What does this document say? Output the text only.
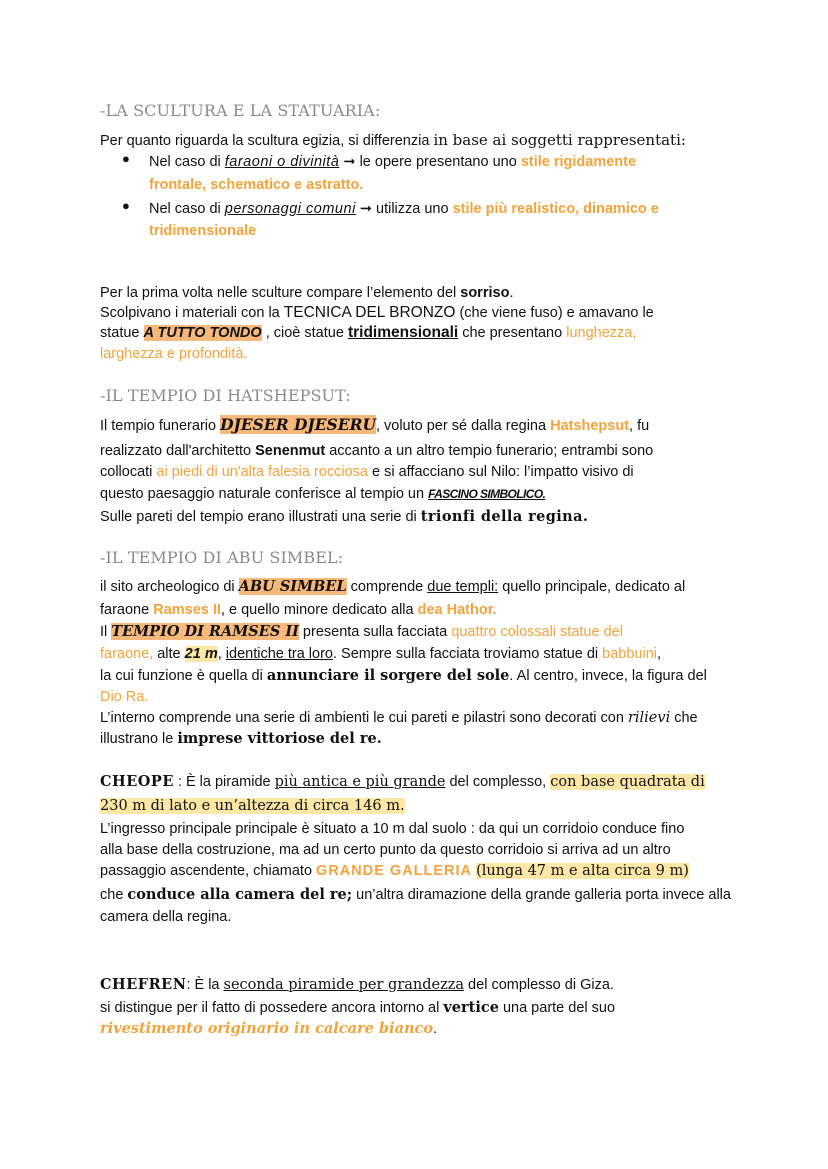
-LA SCULTURA E LA STATUARIA:
Per quanto riguarda la scultura egizia, si differenzia in base ai soggetti rappresentati:
● Nel caso di faraoni o divinità ➞ le opere presentano uno stile rigidamente
frontale, schematico e astratto.
● Nel caso di personaggi comuni ➞ utilizza uno stile più realistico, dinamico e
tridimensionale
Per la prima volta nelle sculture compare l’elemento del sorriso.
Scolpivano i materiali con la TECNICA DEL BRONZO (che viene fuso) e amavano le
statue A TUTTO TONDO , cioè statue tridimensionali che presentano lunghezza,
larghezza e profondità.
-IL TEMPIO DI HATSHEPSUT:
Il tempio funerario DJESER DJESERU, voluto per sé dalla regina Hatshepsut, fu
realizzato dall'architetto Senenmut accanto a un altro tempio funerario; entrambi sono
collocati ai piedi di un'alta falesia rocciosa e si affacciano sul Nilo: l’impatto visivo di
questo paesaggio naturale conferisce al tempio un FASCINO SIMBOLICO.
Sulle pareti del tempio erano illustrati una serie di trionfi della regina.
-IL TEMPIO DI ABU SIMBEL:
il sito archeologico di ABU SIMBEL comprende due templi: quello principale, dedicato al
faraone Ramses II, e quello minore dedicato alla dea Hathor.
Il TEMPIO DI RAMSES II presenta sulla facciata quattro colossali statue del
faraone, alte 21 m, identiche tra loro. Sempre sulla facciata troviamo statue di babbuini,
la cui funzione è quella di annunciare il sorgere del sole. Al centro, invece, la figura del
Dio Ra.
L’interno comprende una serie di ambienti le cui pareti e pilastri sono decorati con rilievi che
illustrano le imprese vittoriose del re.
CHEOPE : È la piramide più antica e più grande del complesso, con base quadrata di
230 m di lato e un’altezza di circa 146 m.
L’ingresso principale principale è situato a 10 m dal suolo : da qui un corridoio conduce fino
alla base della costruzione, ma ad un certo punto da questo corridoio si arriva ad un altro
passaggio ascendente, chiamato GRANDE GALLERIA (lunga 47 m e alta circa 9 m)
che conduce alla camera del re; un’altra diramazione della grande galleria porta invece alla
camera della regina.
CHEFREN: È la seconda piramide per grandezza del complesso di Giza.
si distingue per il fatto di possedere ancora intorno al vertice una parte del suo
rivestimento originario in calcare bianco.
